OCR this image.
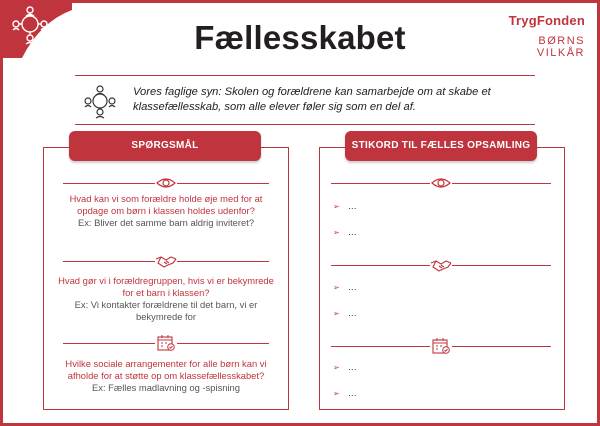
Fællesskabet	TrygFonden
BØRNS
VILKÅR
Vores faglige syn: Skolen og forældrene kan samarbejde om at skabe et klassefællesskab, som alle elever føler sig som en del af.
SPØRGSMÅL	STIKORD TIL FÆLLES OPSAMLING
Hvad kan vi som forældre holde øje med for at opdage om børn i klassen holdes udenfor?
Ex: Bliver det samme barn aldrig inviteret?
Hvad gør vi i forældregruppen, hvis vi er bekymrede for et barn i klassen?
Ex: Vi kontakter forældrene til det barn, vi er bekymrede for
Hvilke sociale arrangementer for alle børn kan vi afholde for at støtte op om klassefællesskabet?
Ex: Fælles madlavning og -spisning
➢ …
➢ …
➢ …
➢ …
➢ …
➢ …
